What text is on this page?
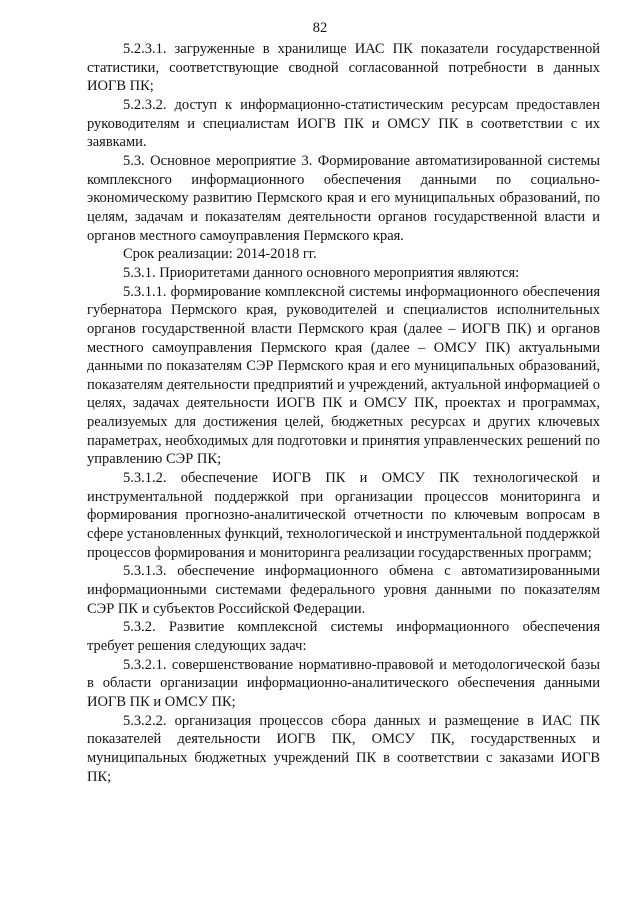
82

5.2.3.1. загруженные в хранилище ИАС ПК показатели государственной статистики, соответствующие сводной согласованной потребности в данных ИОГВ ПК;

5.2.3.2. доступ к информационно-статистическим ресурсам предоставлен руководителям и специалистам ИОГВ ПК и ОМСУ ПК в соответствии с их заявками.

5.3. Основное мероприятие 3. Формирование автоматизированной системы комплексного информационного обеспечения данными по социально-экономическому развитию Пермского края и его муниципальных образований, по целям, задачам и показателям деятельности органов государственной власти и органов местного самоуправления Пермского края.

Срок реализации: 2014-2018 гг.

5.3.1. Приоритетами данного основного мероприятия являются:

5.3.1.1. формирование комплексной системы информационного обеспечения губернатора Пермского края, руководителей и специалистов исполнительных органов государственной власти Пермского края (далее – ИОГВ ПК) и органов местного самоуправления Пермского края (далее – ОМСУ ПК) актуальными данными по показателям СЭР Пермского края и его муниципальных образований, показателям деятельности предприятий и учреждений, актуальной информацией о целях, задачах деятельности ИОГВ ПК и ОМСУ ПК, проектах и программах, реализуемых для достижения целей, бюджетных ресурсах и других ключевых параметрах, необходимых для подготовки и принятия управленческих решений по управлению СЭР ПК;

5.3.1.2. обеспечение ИОГВ ПК и ОМСУ ПК технологической и инструментальной поддержкой при организации процессов мониторинга и формирования прогнозно-аналитической отчетности по ключевым вопросам в сфере установленных функций, технологической и инструментальной поддержкой процессов формирования и мониторинга реализации государственных программ;

5.3.1.3. обеспечение информационного обмена с автоматизированными информационными системами федерального уровня данными по показателям СЭР ПК и субъектов Российской Федерации.

5.3.2. Развитие комплексной системы информационного обеспечения требует решения следующих задач:

5.3.2.1. совершенствование нормативно-правовой и методологической базы в области организации информационно-аналитического обеспечения данными ИОГВ ПК и ОМСУ ПК;

5.3.2.2. организация процессов сбора данных и размещение в ИАС ПК показателей деятельности ИОГВ ПК, ОМСУ ПК, государственных и муниципальных бюджетных учреждений ПК в соответствии с заказами ИОГВ ПК;
